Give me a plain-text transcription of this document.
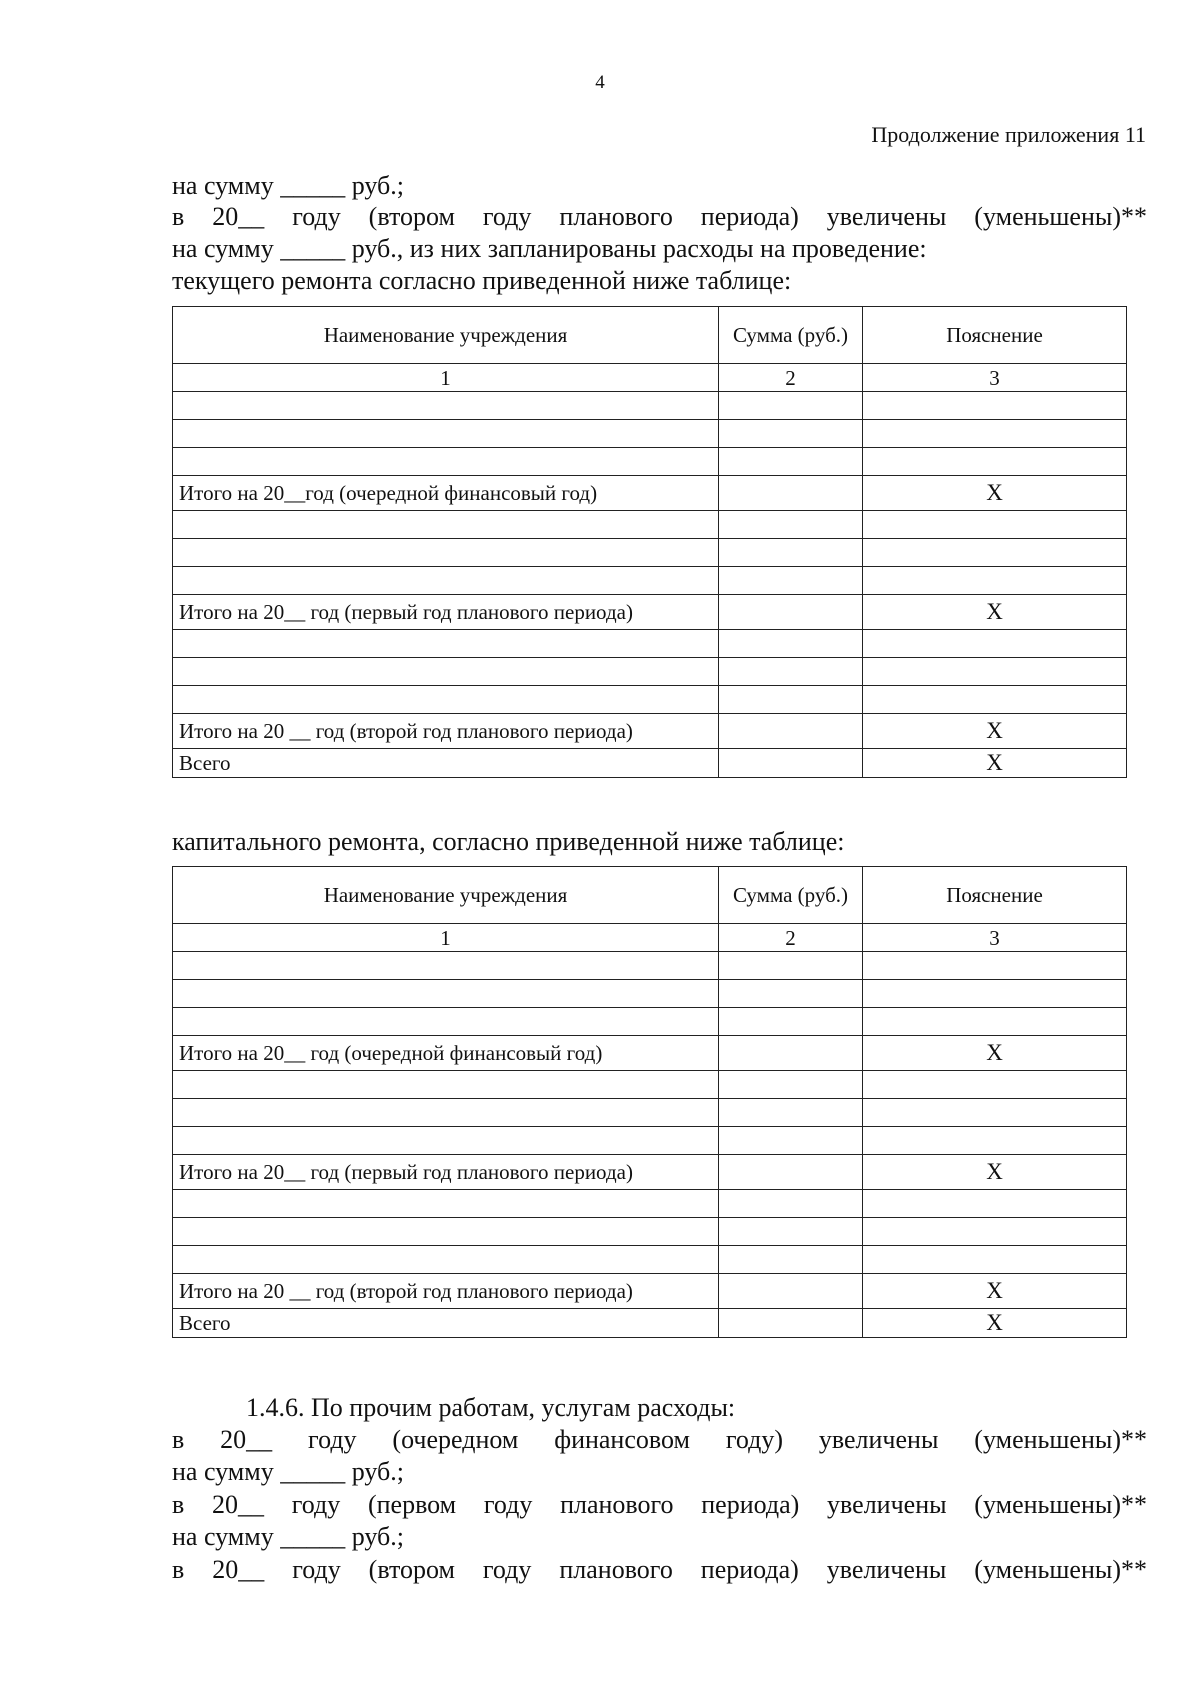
4
Продолжение приложения 11
на сумму _____ руб.;
в 20__ году (втором году планового периода) увеличены (уменьшены)**
на сумму _____ руб., из них запланированы расходы на проведение:
текущего ремонта согласно приведенной ниже таблице:
Наименование учреждения	Сумма (руб.)	Пояснение
1	2	3

Итого на 20__год (очередной финансовый год)		X

Итого на 20__ год (первый год планового периода)		X

Итого на 20 __ год (второй год планового периода)		X
Всего		X
капитального ремонта, согласно приведенной ниже таблице:
Наименование учреждения	Сумма (руб.)	Пояснение
1	2	3

Итого на 20__ год (очередной финансовый год)		X

Итого на 20__ год (первый год планового периода)		X

Итого на 20 __ год (второй год планового периода)		X
Всего		X
1.4.6. По прочим работам, услугам расходы:
в 20__ году (очередном финансовом году) увеличены (уменьшены)**
на сумму _____ руб.;
в 20__ году (первом году планового периода) увеличены (уменьшены)**
на сумму _____ руб.;
в 20__ году (втором году планового периода) увеличены (уменьшены)**
